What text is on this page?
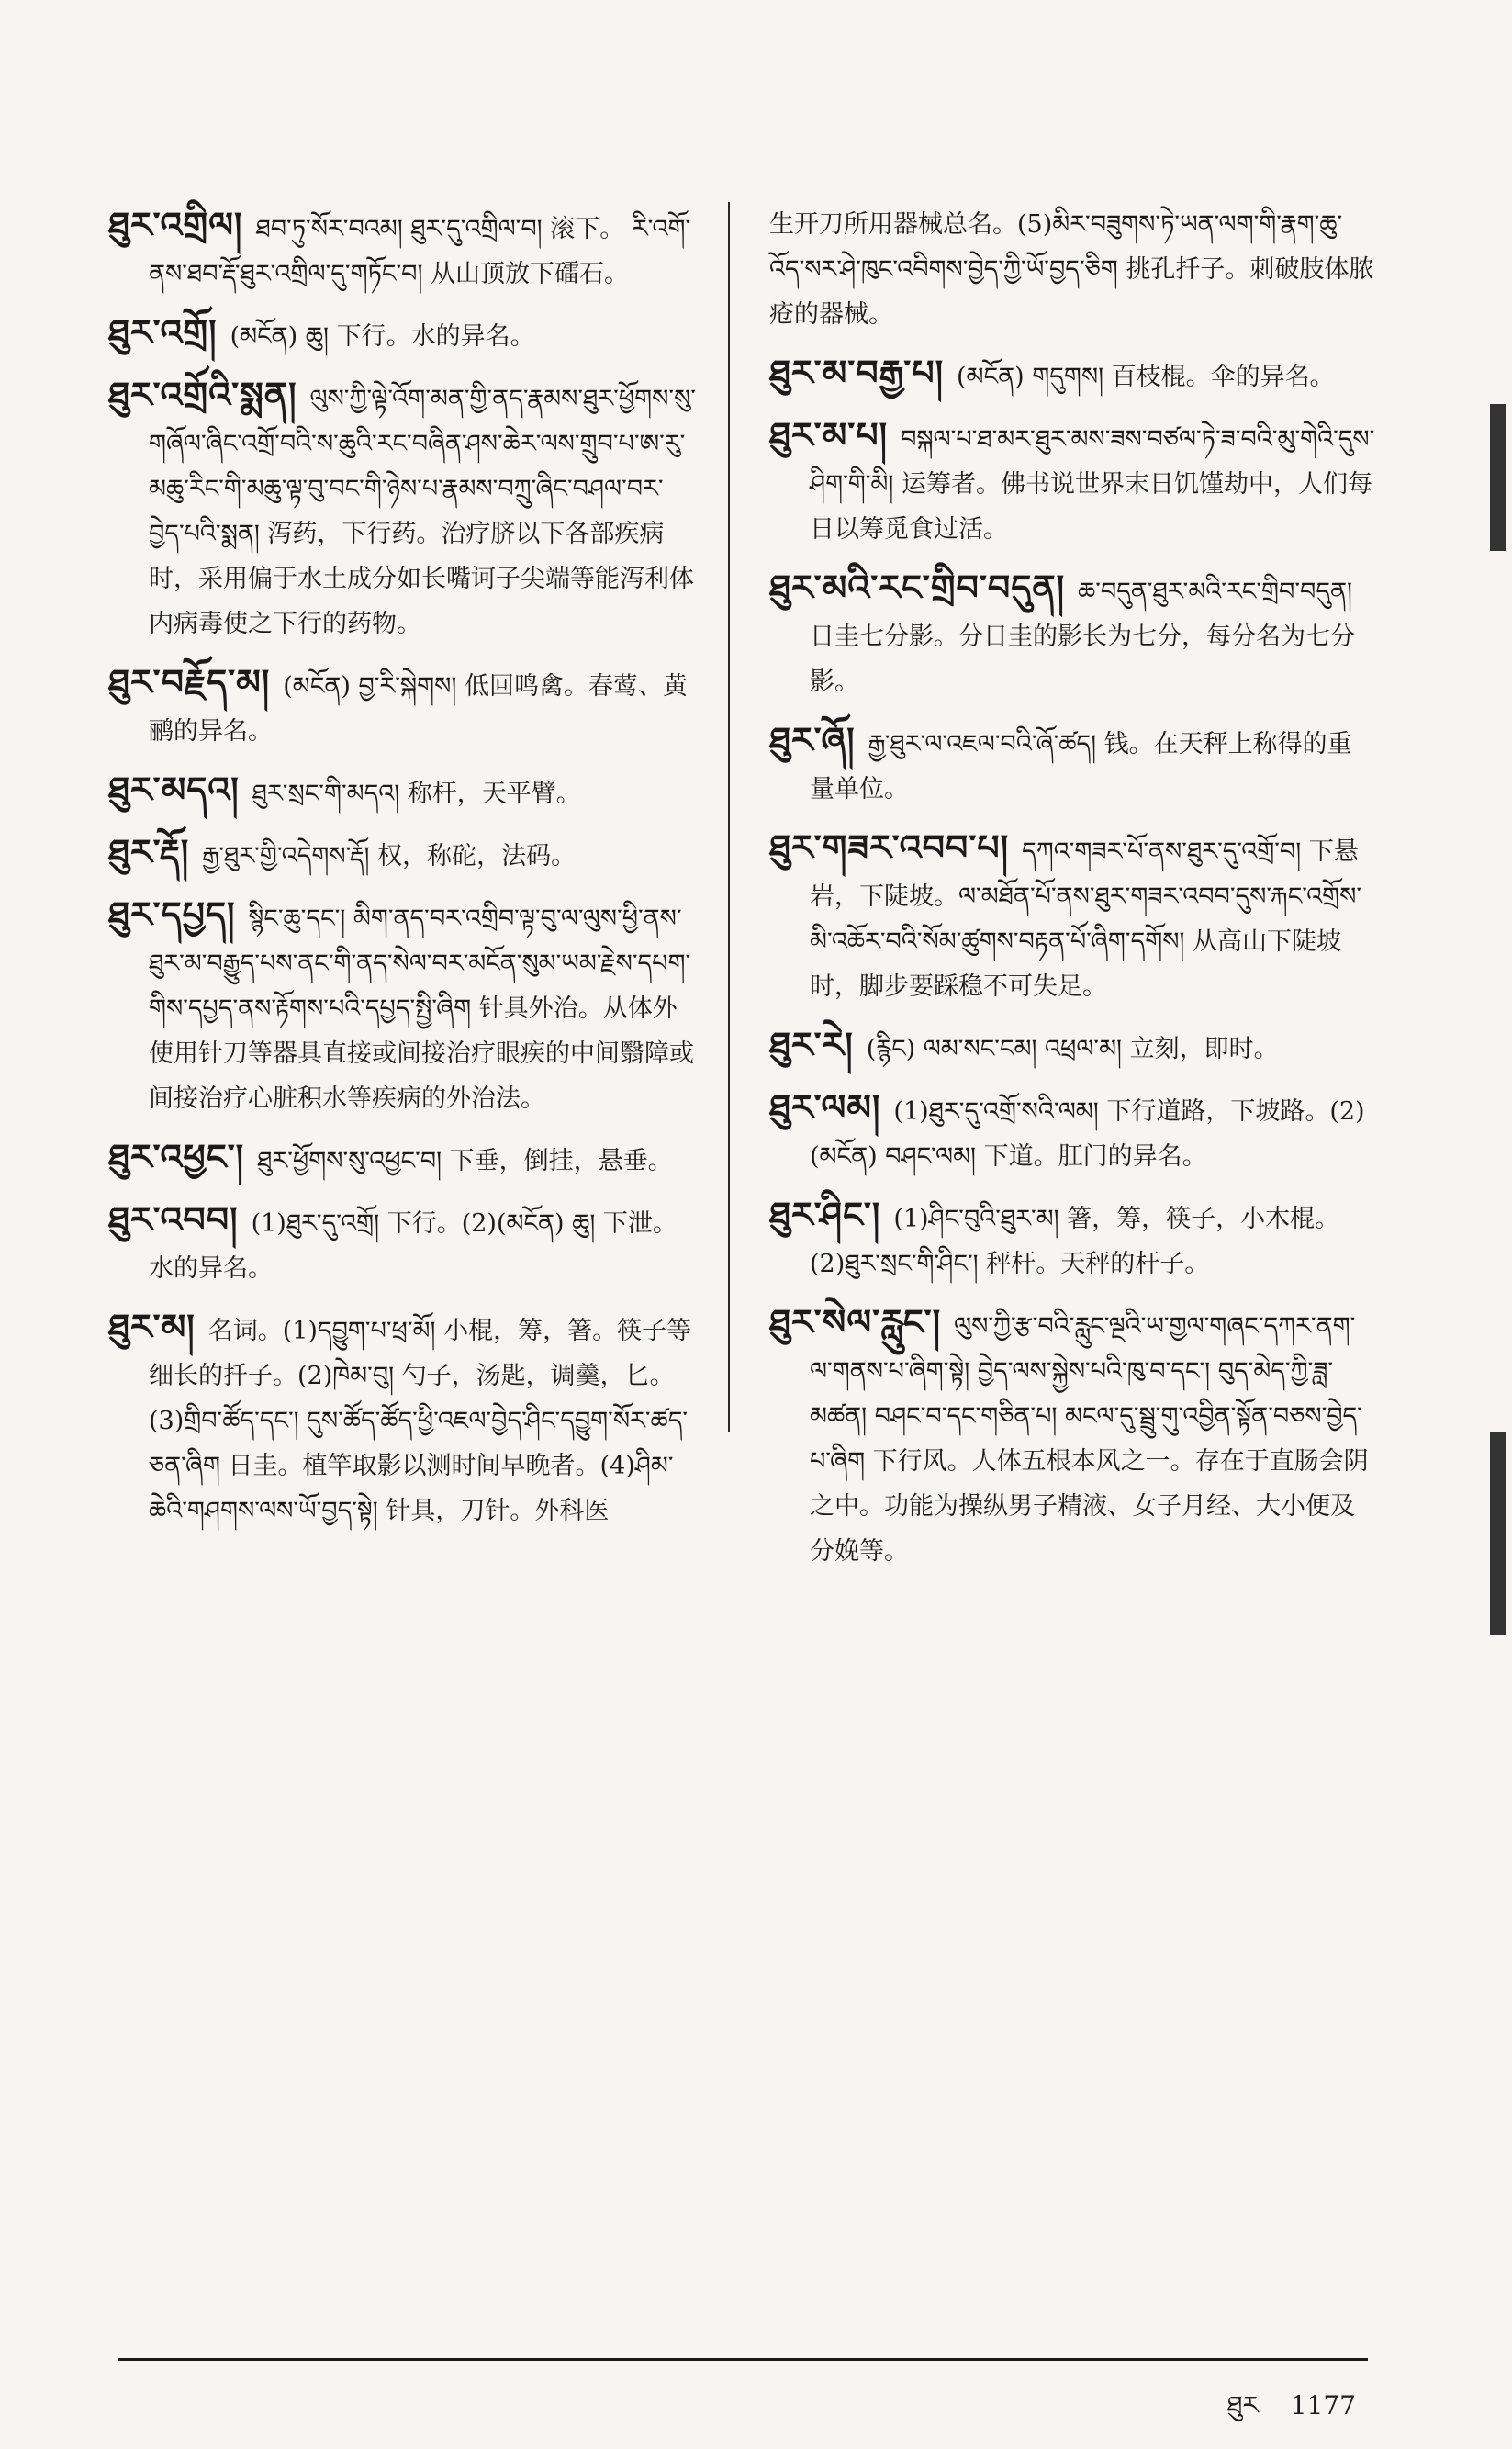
ཐུར་འགྲིལ། ཐབ་ཏུ་སོར་བའམ། ཐུར་དུ་འགྲིལ་བ། 滚下。 རི་འགོ་ནས་ཐབ་རྡོ་ཐུར་འགྲིལ་དུ་གཏོང་བ། 从山顶放下礌石。

ཐུར་འགྲོ། (མངོན) ཆུ། 下行。水的异名。

ཐུར་འགྲོའི་སྨན། ལུས་ཀྱི་ལྟེ་འོག་མན་གྱི་ནད་རྣམས་ཐུར་ཕྱོགས་སུ་གཞོལ་ཞིང་འགྲོ་བའི་ས་ཆུའི་རང་བཞིན་ཤས་ཆེར་ལས་གྲུབ་པ་ཨ་རུ་མཆུ་རིང་གི་མཆུ་ལྟ་བུ་བང་གི་ཉེས་པ་རྣམས་བཀྲུ་ཞིང་བཤལ་བར་བྱེད་པའི་སྨན། 泻药，下行药。治疗脐以下各部疾病时，采用偏于水土成分如长嘴诃子尖端等能泻利体内病毒使之下行的药物。

ཐུར་བརྗོད་མ། (མངོན) བྱ་རི་སྐེགས། 低回鸣禽。春莺、黄鹂的异名。

ཐུར་མདའ། ཐུར་སྲང་གི་མདའ། 称杆，天平臂。

ཐུར་རྡོ། རྒྱ་ཐུར་གྱི་འདེགས་རྡོ། 权，称砣，法码。

ཐུར་དཔྱད། སྙིང་ཆུ་དང་། མིག་ནད་བར་འགྲིབ་ལྟ་བུ་ལ་ལུས་ཕྱི་ནས་ཐུར་མ་བརྒྱུད་པས་ནང་གི་ནད་སེལ་བར་མངོན་སུམ་ཡམ་རྗེས་དཔག་གིས་དཔྱད་ནས་རྟོགས་པའི་དཔྱད་སྤྱི་ཞིག 针具外治。从体外使用针刀等器具直接或间接治疗眼疾的中间翳障或间接治疗心脏积水等疾病的外治法。

ཐུར་འཕྱང་། ཐུར་ཕྱོགས་སུ་འཕྱང་བ། 下垂，倒挂，悬垂。

ཐུར་འབབ། (1)ཐུར་དུ་འགྲོ། 下行。(2)(མངོན) ཆུ། 下泄。水的异名。

ཐུར་མ། 名词。(1)དབྱུག་པ་ཕྲ་མོ། 小棍，筹，箸。筷子等细长的扦子。(2)ཁེམ་བུ། 勺子，汤匙，调羹，匕。(3)གྲིབ་ཚོད་དང་། དུས་ཚོད་ཚོད་ཕྱི་འཇལ་བྱེད་ཤིང་དབྱུག་སོར་ཚད་ཅན་ཞིག 日圭。植竿取影以测时间早晚者。(4)ཤིམ་ཆེའི་གཤགས་ལས་ཡོ་བྱད་སྟེ། 针具，刀针。外科医

生开刀所用器械总名。(5)མིར་བཟུགས་ཏེ་ཡན་ལག་གི་རྣག་ཆུ་འོད་སར་ཤེ་ཁུང་འབིགས་བྱེད་ཀྱི་ཡོ་བྱད་ཅིག 挑孔扦子。刺破肢体脓疮的器械。

ཐུར་མ་བརྒྱ་པ། (མངོན) གདུགས། 百枝棍。伞的异名。

ཐུར་མ་པ། བསྐལ་པ་ཐ་མར་ཐུར་མས་ཟས་བཙལ་ཏེ་ཟ་བའི་མུ་གེའི་དུས་ཤིག་གི་མི། 运筹者。佛书说世界末日饥馑劫中，人们每日以筹觅食过活。

ཐུར་མའི་རང་གྲིབ་བདུན། ཆ་བདུན་ཐུར་མའི་རང་གྲིབ་བདུན། 日圭七分影。分日圭的影长为七分，每分名为七分影。

ཐུར་ཞོ། རྒྱ་ཐུར་ལ་འཇལ་བའི་ཞོ་ཚད། 钱。在天秤上称得的重量单位。

ཐུར་གཟར་འབབ་པ། དཀའ་གཟར་པོ་ནས་ཐུར་དུ་འགྲོ་བ། 下悬岩，下陡坡。ལ་མཐོན་པོ་ནས་ཐུར་གཟར་འབབ་དུས་རྐང་འགྲོས་མི་འཆོར་བའི་སོམ་ཚུགས་བརྟན་པོ་ཞིག་དགོས། 从高山下陡坡时，脚步要踩稳不可失足。

ཐུར་རེ། (རྙིང) ལམ་སང་ངམ། འཕྲལ་མ། 立刻，即时。

ཐུར་ལམ། (1)ཐུར་དུ་འགྲོ་སའི་ལམ། 下行道路，下坡路。(2)(མངོན) བཤང་ལམ། 下道。肛门的异名。

ཐུར་ཤིང་། (1)ཤིང་བུའི་ཐུར་མ། 箸，筹，筷子，小木棍。(2)ཐུར་སྲང་གི་ཤིང་། 秤杆。天秤的杆子。

ཐུར་སེལ་རླུང་། ལུས་ཀྱི་རྩ་བའི་རླུང་ལྔའི་ཡ་གྱལ་གཞང་དཀར་ནག་ལ་གནས་པ་ཞིག་སྟེ། བྱེད་ལས་སྐྱེས་པའི་ཁུ་བ་དང་། བུད་མེད་ཀྱི་ཟླ་མཚན། བཤང་བ་དང་གཅིན་པ། མངལ་དུ་སྦྲུ་གུ་འབྱིན་སྟོན་བཅས་བྱེད་པ་ཞིག 下行风。人体五根本风之一。存在于直肠会阴之中。功能为操纵男子精液、女子月经、大小便及分娩等。

ཐུར 1177
